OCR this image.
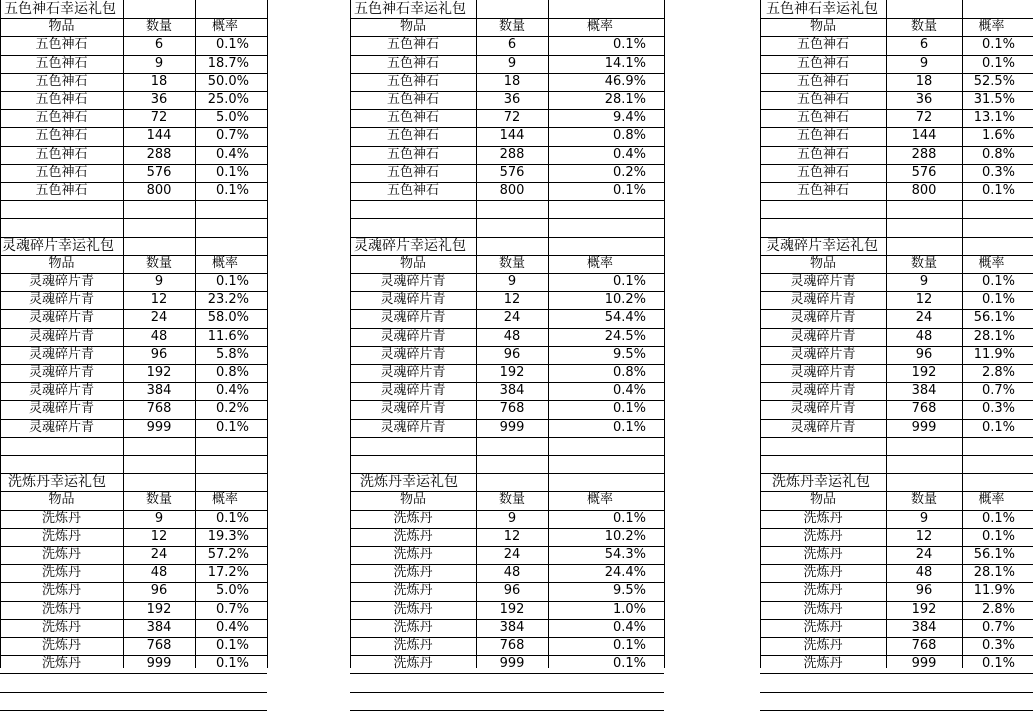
五色神石幸运礼包
物品	数量	概率
五色神石	6	0.1%
五色神石	9	18.7%
五色神石	18	50.0%
五色神石	36	25.0%
五色神石	72	5.0%
五色神石	144	0.7%
五色神石	288	0.4%
五色神石	576	0.1%
五色神石	800	0.1%
灵魂碎片幸运礼包
物品	数量	概率
灵魂碎片青	9	0.1%
灵魂碎片青	12	23.2%
灵魂碎片青	24	58.0%
灵魂碎片青	48	11.6%
灵魂碎片青	96	5.8%
灵魂碎片青	192	0.8%
灵魂碎片青	384	0.4%
灵魂碎片青	768	0.2%
灵魂碎片青	999	0.1%
洗炼丹幸运礼包
物品	数量	概率
洗炼丹	9	0.1%
洗炼丹	12	19.3%
洗炼丹	24	57.2%
洗炼丹	48	17.2%
洗炼丹	96	5.0%
洗炼丹	192	0.7%
洗炼丹	384	0.4%
洗炼丹	768	0.1%
洗炼丹	999	0.1%
五色神石幸运礼包
物品	数量	概率
五色神石	6	0.1%
五色神石	9	14.1%
五色神石	18	46.9%
五色神石	36	28.1%
五色神石	72	9.4%
五色神石	144	0.8%
五色神石	288	0.4%
五色神石	576	0.2%
五色神石	800	0.1%
灵魂碎片幸运礼包
物品	数量	概率
灵魂碎片青	9	0.1%
灵魂碎片青	12	10.2%
灵魂碎片青	24	54.4%
灵魂碎片青	48	24.5%
灵魂碎片青	96	9.5%
灵魂碎片青	192	0.8%
灵魂碎片青	384	0.4%
灵魂碎片青	768	0.1%
灵魂碎片青	999	0.1%
洗炼丹幸运礼包
物品	数量	概率
洗炼丹	9	0.1%
洗炼丹	12	10.2%
洗炼丹	24	54.3%
洗炼丹	48	24.4%
洗炼丹	96	9.5%
洗炼丹	192	1.0%
洗炼丹	384	0.4%
洗炼丹	768	0.1%
洗炼丹	999	0.1%
五色神石幸运礼包
物品	数量	概率
五色神石	6	0.1%
五色神石	9	0.1%
五色神石	18	52.5%
五色神石	36	31.5%
五色神石	72	13.1%
五色神石	144	1.6%
五色神石	288	0.8%
五色神石	576	0.3%
五色神石	800	0.1%
灵魂碎片幸运礼包
物品	数量	概率
灵魂碎片青	9	0.1%
灵魂碎片青	12	0.1%
灵魂碎片青	24	56.1%
灵魂碎片青	48	28.1%
灵魂碎片青	96	11.9%
灵魂碎片青	192	2.8%
灵魂碎片青	384	0.7%
灵魂碎片青	768	0.3%
灵魂碎片青	999	0.1%
洗炼丹幸运礼包
物品	数量	概率
洗炼丹	9	0.1%
洗炼丹	12	0.1%
洗炼丹	24	56.1%
洗炼丹	48	28.1%
洗炼丹	96	11.9%
洗炼丹	192	2.8%
洗炼丹	384	0.7%
洗炼丹	768	0.3%
洗炼丹	999	0.1%
